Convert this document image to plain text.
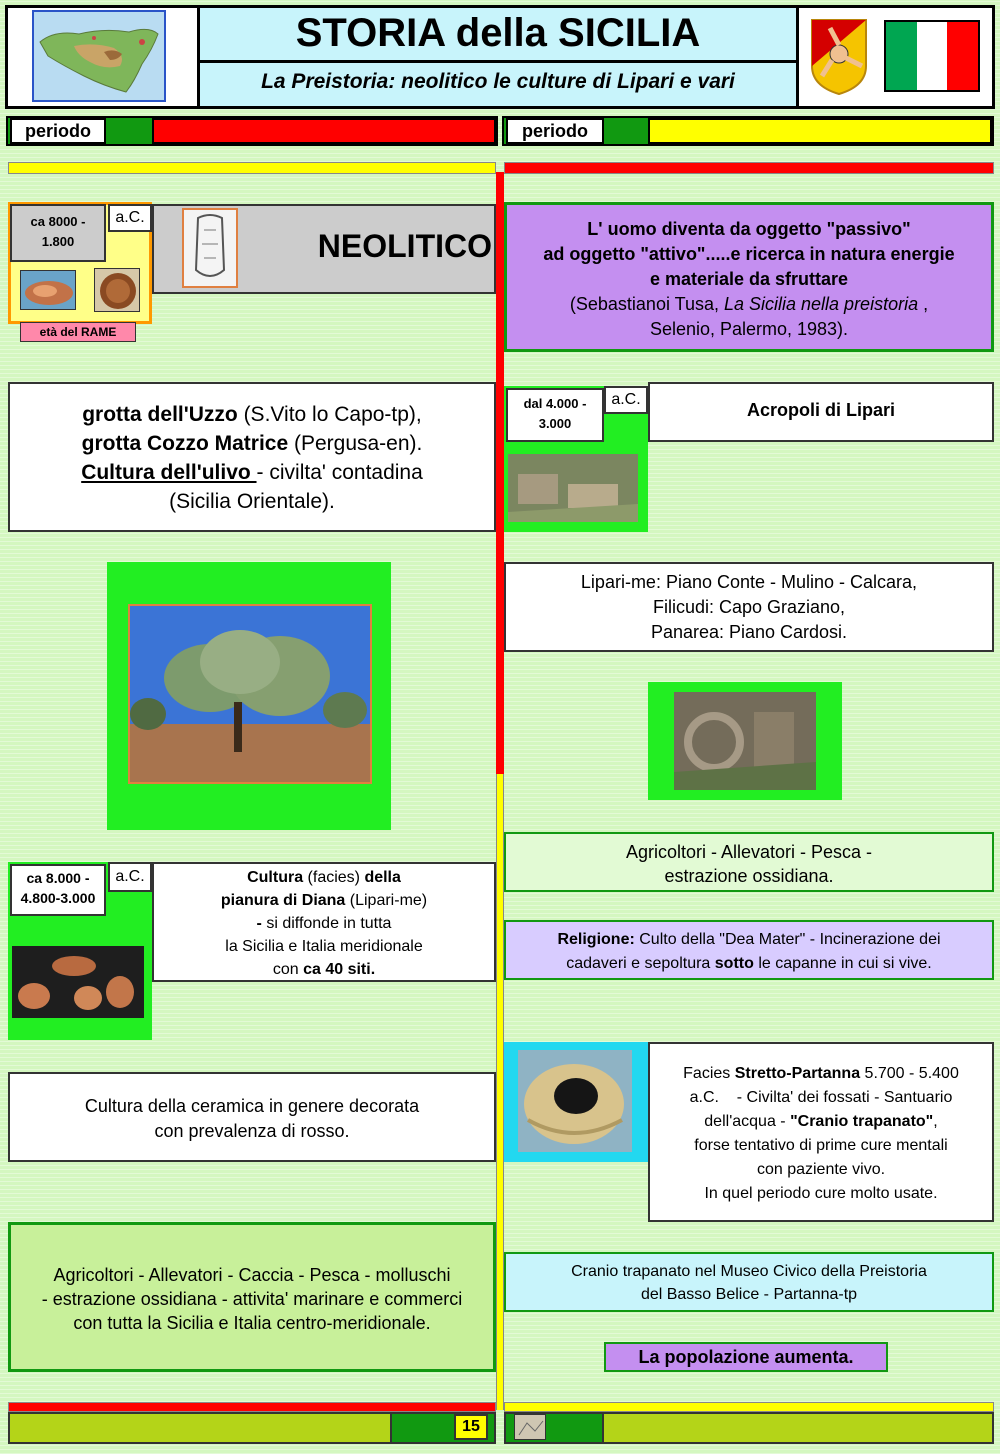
STORIA della SICILIA
La Preistoria: neolitico le culture di Lipari e vari
periodo	periodo
ca 8000 - 1.800
a.C.
età del RAME
NEOLITICO	L' uomo diventa da oggetto "passivo"
ad oggetto "attivo".....e ricerca in natura energie
e materiale da sfruttare
(Sebastianoi Tusa, La Sicilia nella preistoria ,
Selenio, Palermo, 1983).
grotta dell'Uzzo (S.Vito lo Capo-tp),
grotta Cozzo Matrice (Pergusa-en).
Cultura dell'ulivo - civilta' contadina
(Sicilia Orientale).
dal 4.000 - 3.000
a.C.
Acropoli di Lipari
Lipari-me: Piano Conte - Mulino - Calcara,
Filicudi: Capo Graziano,
Panarea: Piano Cardosi.
Agricoltori - Allevatori - Pesca -
estrazione ossidiana.
ca 8.000 - 4.800-3.000
a.C.	Cultura (facies) della
pianura di Diana (Lipari-me)
- si diffonde in tutta
la Sicilia e Italia meridionale
con ca 40 siti.
Religione: Culto della "Dea Mater" - Incinerazione dei
cadaveri e sepoltura sotto le capanne in cui si vive.
Cultura della ceramica in genere decorata
con prevalenza di rosso.
Facies Stretto-Partanna 5.700 - 5.400
a.C.    - Civilta' dei fossati - Santuario
dell'acqua - "Cranio trapanato",
forse tentativo di prime cure mentali
con paziente vivo.
In quel periodo cure molto usate.
Agricoltori - Allevatori - Caccia - Pesca - molluschi
- estrazione ossidiana - attivita' marinare e commerci
con tutta la Sicilia e Italia centro-meridionale.
Cranio trapanato nel Museo Civico della Preistoria
del Basso Belice - Partanna-tp
La popolazione aumenta.
15
